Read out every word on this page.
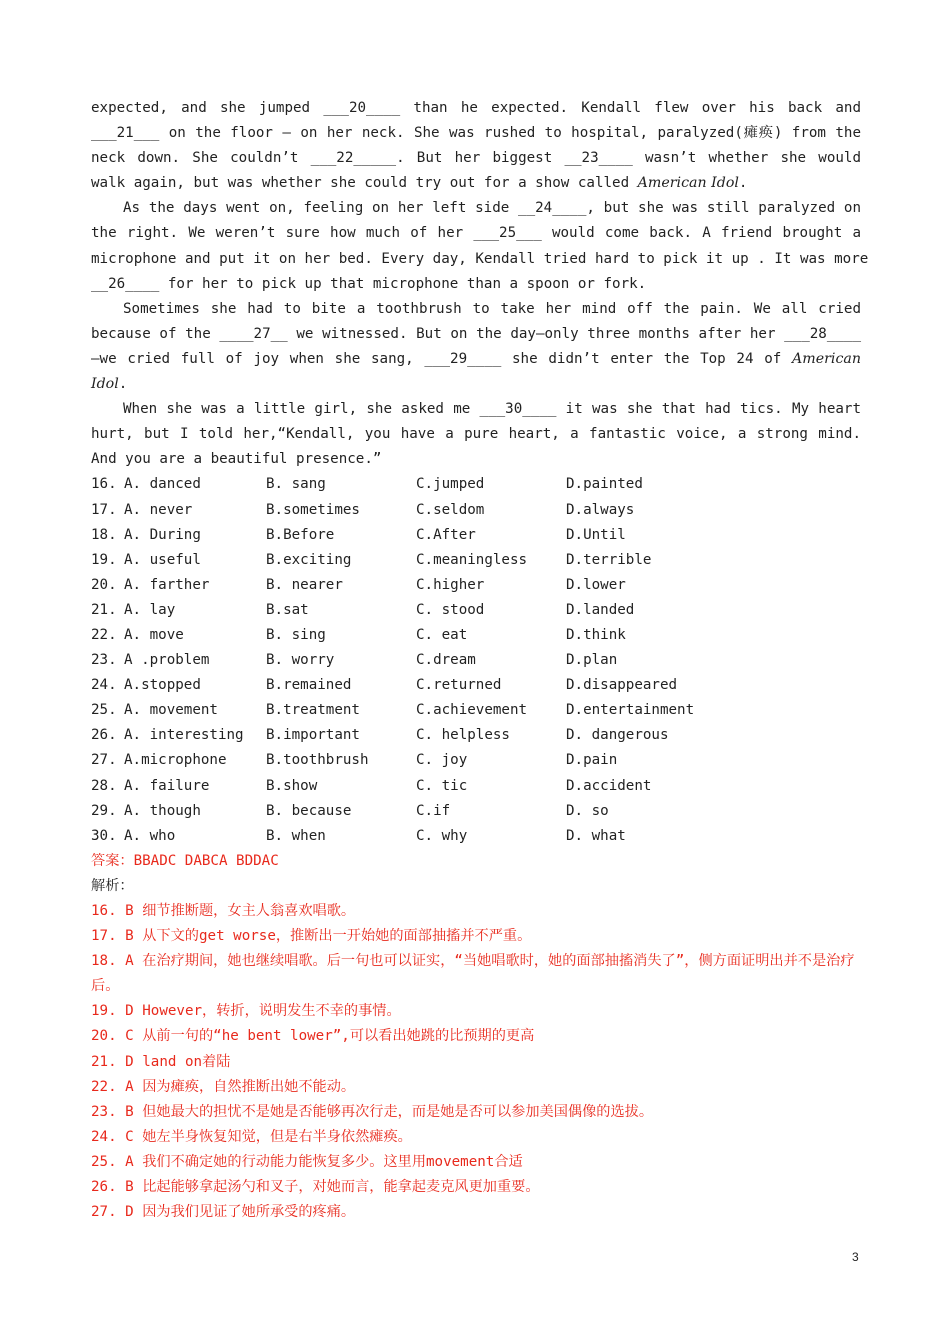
expected, and she jumped ___20____ than he expected. Kendall flew over his back and
___21___ on the floor — on her neck. She was rushed to hospital, paralyzed(瘫痪) from the
neck down. She couldn’t ___22_____. But her biggest __23____ wasn’t whether she would
walk again, but was whether she could try out for a show called American Idol.
As the days went on, feeling on her left side __24____, but she was still paralyzed on
the right. We weren’t sure how much of her ___25___ would come back. A friend brought a
microphone and put it on her bed. Every day, Kendall tried hard to pick it up . It was more
__26____ for her to pick up that microphone than a spoon or fork.
Sometimes she had to bite a toothbrush to take her mind off the pain. We all cried
because of the ____27__ we witnessed. But on the day—only three months after her ___28____
—we cried full of joy when she sang, ___29____ she didn’t enter the Top 24 of American
Idol.
When she was a little girl, she asked me ___30____ it was she that had tics. My heart
hurt, but I told her,“Kendall, you have a pure heart, a fantastic voice, a strong mind.
And you are a beautiful presence.”
16. A. danced	B. sang	C.jumped	D.painted
17. A. never	B.sometimes	C.seldom	D.always
18. A. During	B.Before	C.After	D.Until
19. A. useful	B.exciting	C.meaningless	D.terrible
20. A. farther	B. nearer	C.higher	D.lower
21. A. lay	B.sat	C. stood	D.landed
22. A. move	B. sing	C. eat	D.think
23. A .problem	B. worry	C.dream	D.plan
24. A.stopped	B.remained	C.returned	D.disappeared
25. A. movement	B.treatment	C.achievement	D.entertainment
26. A. interesting	B.important	C. helpless	D. dangerous
27. A.microphone	B.toothbrush	C. joy	D.pain
28. A. failure	B.show	C. tic	D.accident
29. A. though	B. because	C.if	D. so
30. A. who	B. when	C. why	D. what
答案：BBADC DABCA BDDAC
解析：
16. B 细节推断题，女主人翁喜欢唱歌。
17. B 从下文的get worse，推断出一开始她的面部抽搐并不严重。
18. A 在治疗期间，她也继续唱歌。后一句也可以证实，“当她唱歌时，她的面部抽搐消失了”，侧方面证明出并不是治疗后。
19. D However，转折，说明发生不幸的事情。
20. C 从前一句的“he bent lower”,可以看出她跳的比预期的更高
21. D land on着陆
22. A 因为瘫痪，自然推断出她不能动。
23. B 但她最大的担忧不是她是否能够再次行走，而是她是否可以参加美国偶像的选拔。
24. C 她左半身恢复知觉，但是右半身依然瘫痪。
25. A 我们不确定她的行动能力能恢复多少。这里用movement合适
26. B 比起能够拿起汤勺和叉子，对她而言，能拿起麦克风更加重要。
27. D 因为我们见证了她所承受的疼痛。
3
